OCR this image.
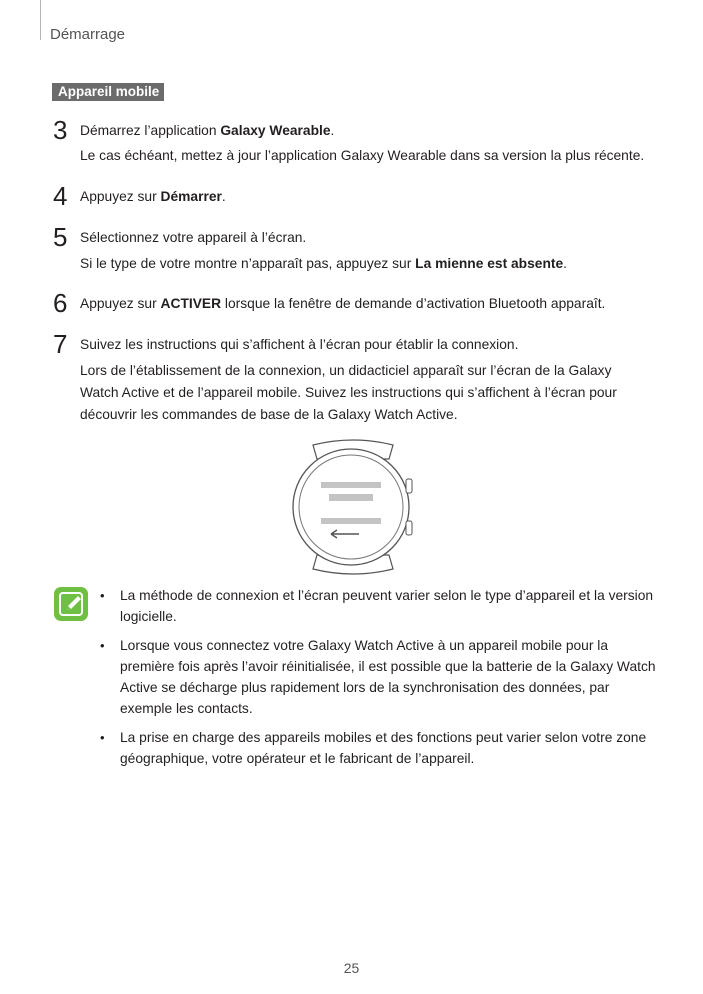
Démarrage
Appareil mobile
3 Démarrez l’application Galaxy Wearable.
Le cas échéant, mettez à jour l’application Galaxy Wearable dans sa version la plus récente.
4 Appuyez sur Démarrer.
5 Sélectionnez votre appareil à l’écran.
Si le type de votre montre n’apparaît pas, appuyez sur La mienne est absente.
6 Appuyez sur ACTIVER lorsque la fenêtre de demande d’activation Bluetooth apparaît.
7 Suivez les instructions qui s’affichent à l’écran pour établir la connexion.
Lors de l’établissement de la connexion, un didacticiel apparaît sur l’écran de la Galaxy Watch Active et de l’appareil mobile. Suivez les instructions qui s’affichent à l’écran pour découvrir les commandes de base de la Galaxy Watch Active.
• La méthode de connexion et l’écran peuvent varier selon le type d’appareil et la version logicielle.
• Lorsque vous connectez votre Galaxy Watch Active à un appareil mobile pour la première fois après l’avoir réinitialisée, il est possible que la batterie de la Galaxy Watch Active se décharge plus rapidement lors de la synchronisation des données, par exemple les contacts.
• La prise en charge des appareils mobiles et des fonctions peut varier selon votre zone géographique, votre opérateur et le fabricant de l’appareil.
25
